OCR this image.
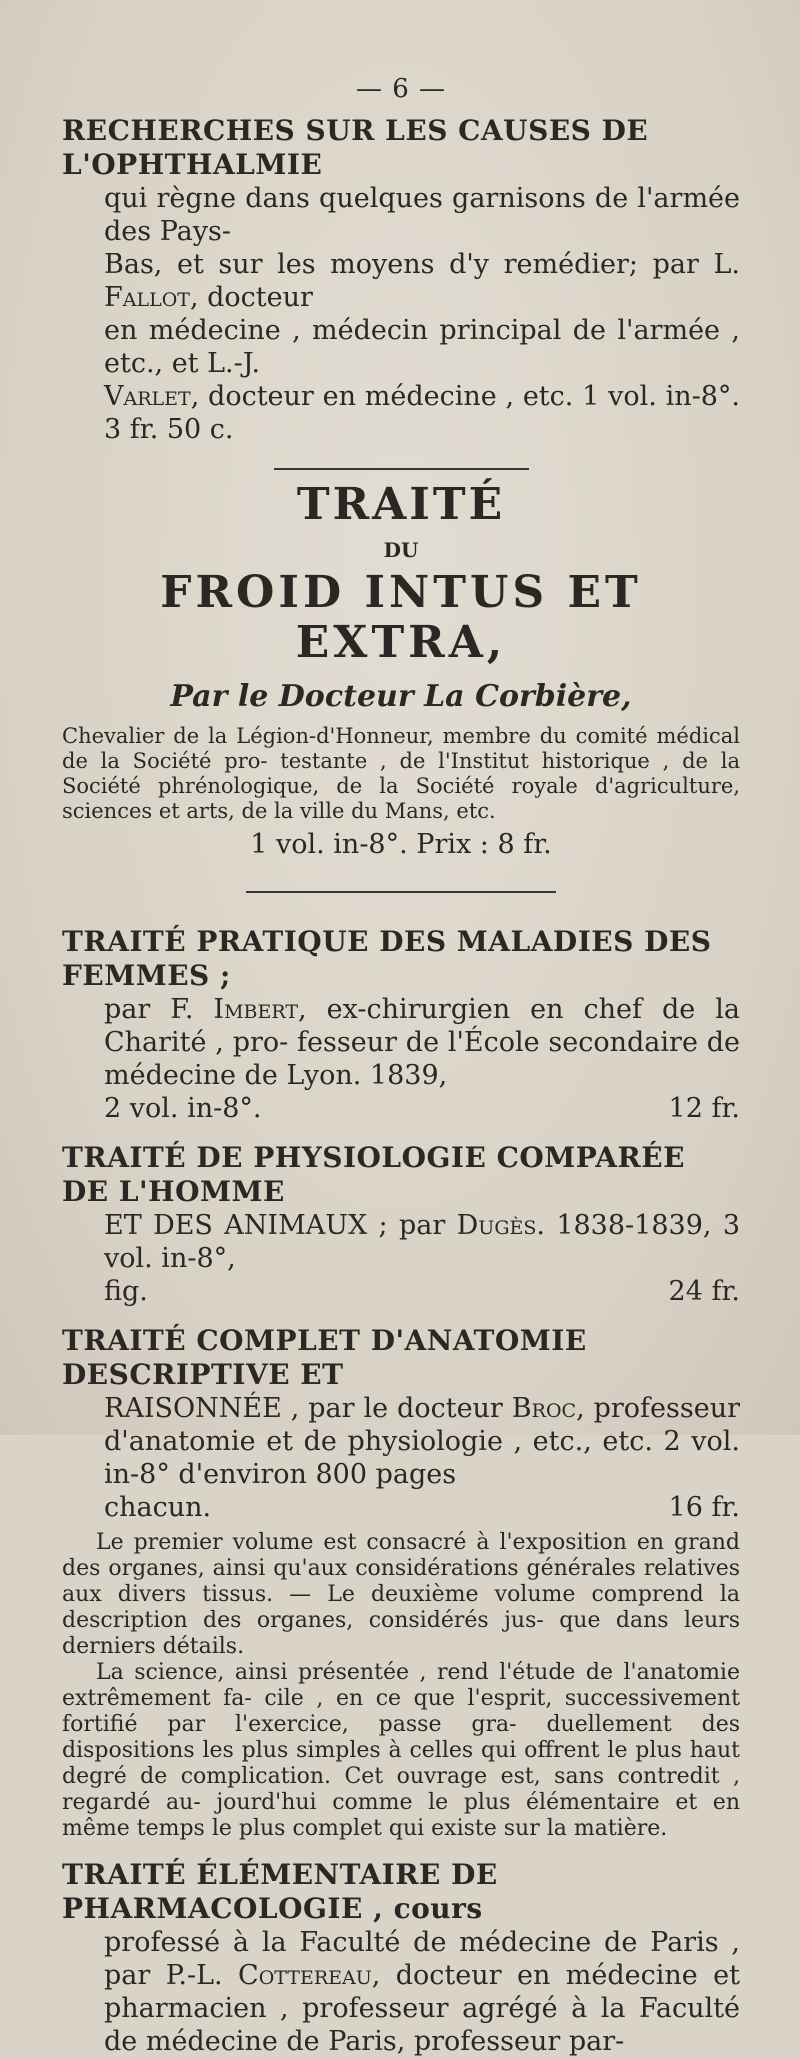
— 6 —
RECHERCHES SUR LES CAUSES DE L'OPHTHALMIE
qui règne dans quelques garnisons de l'armée des Pays-
Bas, et sur les moyens d'y remédier; par L. Fallot, docteur
en médecine , médecin principal de l'armée , etc., et L.-J.
Varlet, docteur en médecine , etc. 1 vol. in-8°. 3 fr. 50 c.
TRAITÉ
DU
FROID INTUS ET EXTRA,
Par le Docteur La Corbière,
Chevalier de la Légion-d'Honneur, membre du comité médical de la Société pro- testante , de l'Institut historique , de la Société phrénologique, de la Société royale d'agriculture, sciences et arts, de la ville du Mans, etc.
1 vol. in-8°. Prix : 8 fr.
TRAITÉ PRATIQUE DES MALADIES DES FEMMES ;
par F. Imbert, ex-chirurgien en chef de la Charité , pro- fesseur de l'École secondaire de médecine de Lyon. 1839,
2 vol. in-8°.	12 fr.
TRAITÉ DE PHYSIOLOGIE COMPARÉE DE L'HOMME
ET DES ANIMAUX ; par Dugès. 1838-1839, 3 vol. in-8°,
fig.	24 fr.
TRAITÉ COMPLET D'ANATOMIE DESCRIPTIVE ET
RAISONNÉE , par le docteur Broc, professeur d'anatomie et de physiologie , etc., etc. 2 vol. in-8° d'environ 800 pages
chacun.	16 fr.
Le premier volume est consacré à l'exposition en grand des organes, ainsi qu'aux considérations générales relatives aux divers tissus. — Le deuxième volume comprend la description des organes, considérés jus- que dans leurs derniers détails.
La science, ainsi présentée , rend l'étude de l'anatomie extrêmement fa- cile , en ce que l'esprit, successivement fortifié par l'exercice, passe gra- duellement des dispositions les plus simples à celles qui offrent le plus haut degré de complication. Cet ouvrage est, sans contredit , regardé au- jourd'hui comme le plus élémentaire et en même temps le plus complet qui existe sur la matière.
TRAITÉ ÉLÉMENTAIRE DE PHARMACOLOGIE , cours
professé à la Faculté de médecine de Paris , par P.-L. Cottereau, docteur en médecine et pharmacien , professeur agrégé à la Faculté de médecine de Paris, professeur par-
